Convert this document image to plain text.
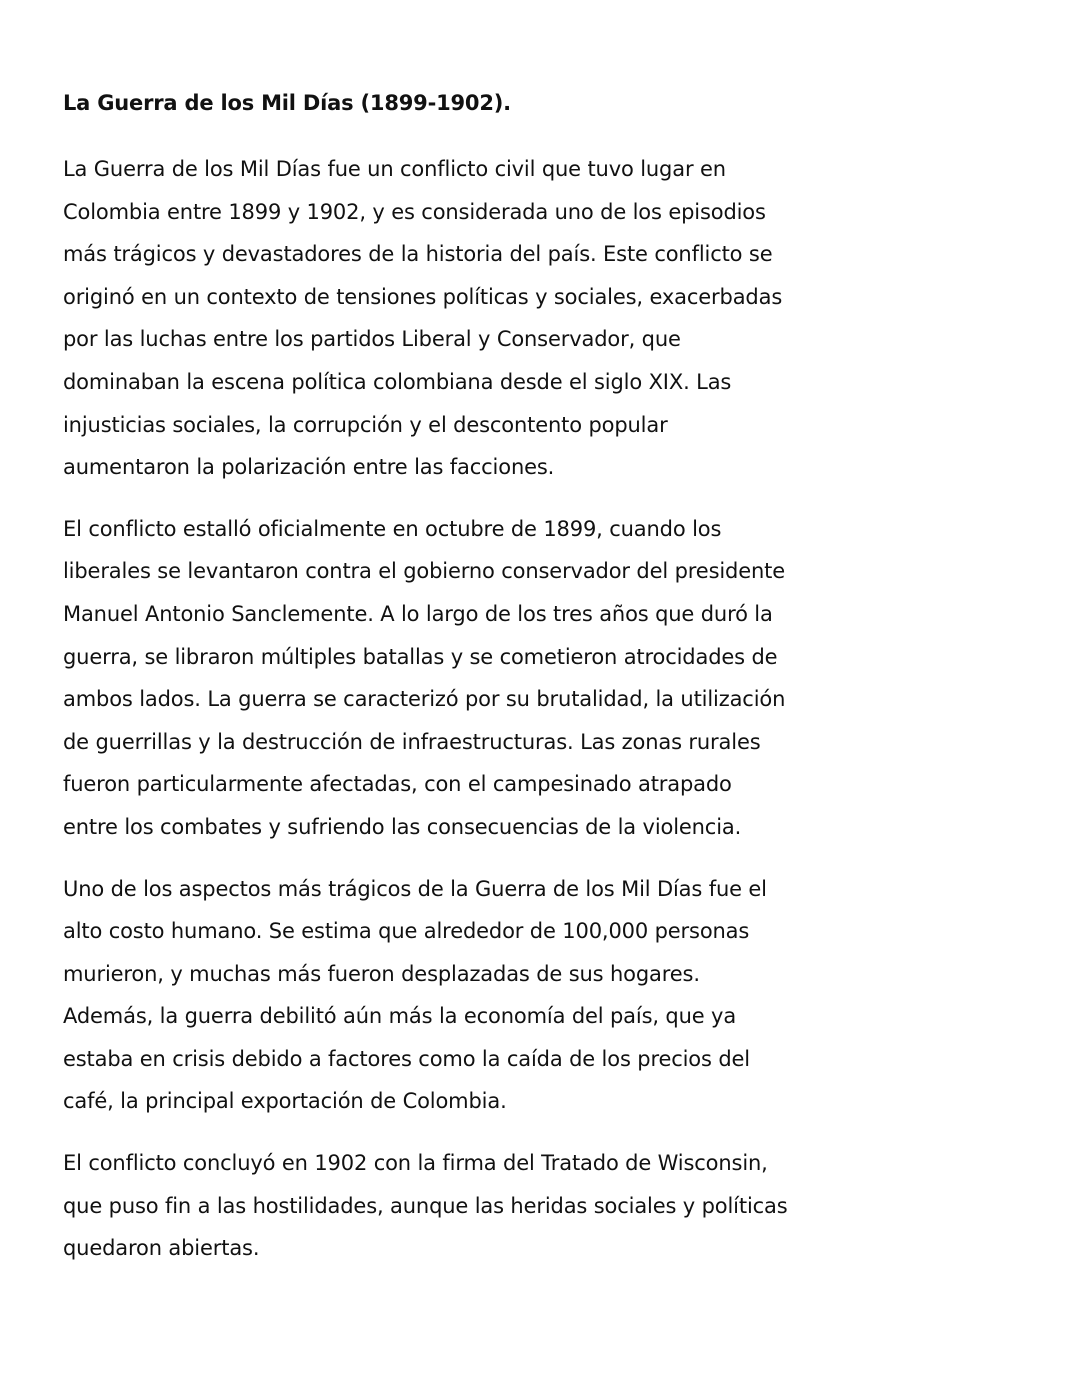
La Guerra de los Mil Días (1899-1902).

La Guerra de los Mil Días fue un conflicto civil que tuvo lugar en
Colombia entre 1899 y 1902, y es considerada uno de los episodios
más trágicos y devastadores de la historia del país. Este conflicto se
originó en un contexto de tensiones políticas y sociales, exacerbadas
por las luchas entre los partidos Liberal y Conservador, que
dominaban la escena política colombiana desde el siglo XIX. Las
injusticias sociales, la corrupción y el descontento popular
aumentaron la polarización entre las facciones.

El conflicto estalló oficialmente en octubre de 1899, cuando los
liberales se levantaron contra el gobierno conservador del presidente
Manuel Antonio Sanclemente. A lo largo de los tres años que duró la
guerra, se libraron múltiples batallas y se cometieron atrocidades de
ambos lados. La guerra se caracterizó por su brutalidad, la utilización
de guerrillas y la destrucción de infraestructuras. Las zonas rurales
fueron particularmente afectadas, con el campesinado atrapado
entre los combates y sufriendo las consecuencias de la violencia.

Uno de los aspectos más trágicos de la Guerra de los Mil Días fue el
alto costo humano. Se estima que alrededor de 100,000 personas
murieron, y muchas más fueron desplazadas de sus hogares.
Además, la guerra debilitó aún más la economía del país, que ya
estaba en crisis debido a factores como la caída de los precios del
café, la principal exportación de Colombia.

El conflicto concluyó en 1902 con la firma del Tratado de Wisconsin,
que puso fin a las hostilidades, aunque las heridas sociales y políticas
quedaron abiertas.
